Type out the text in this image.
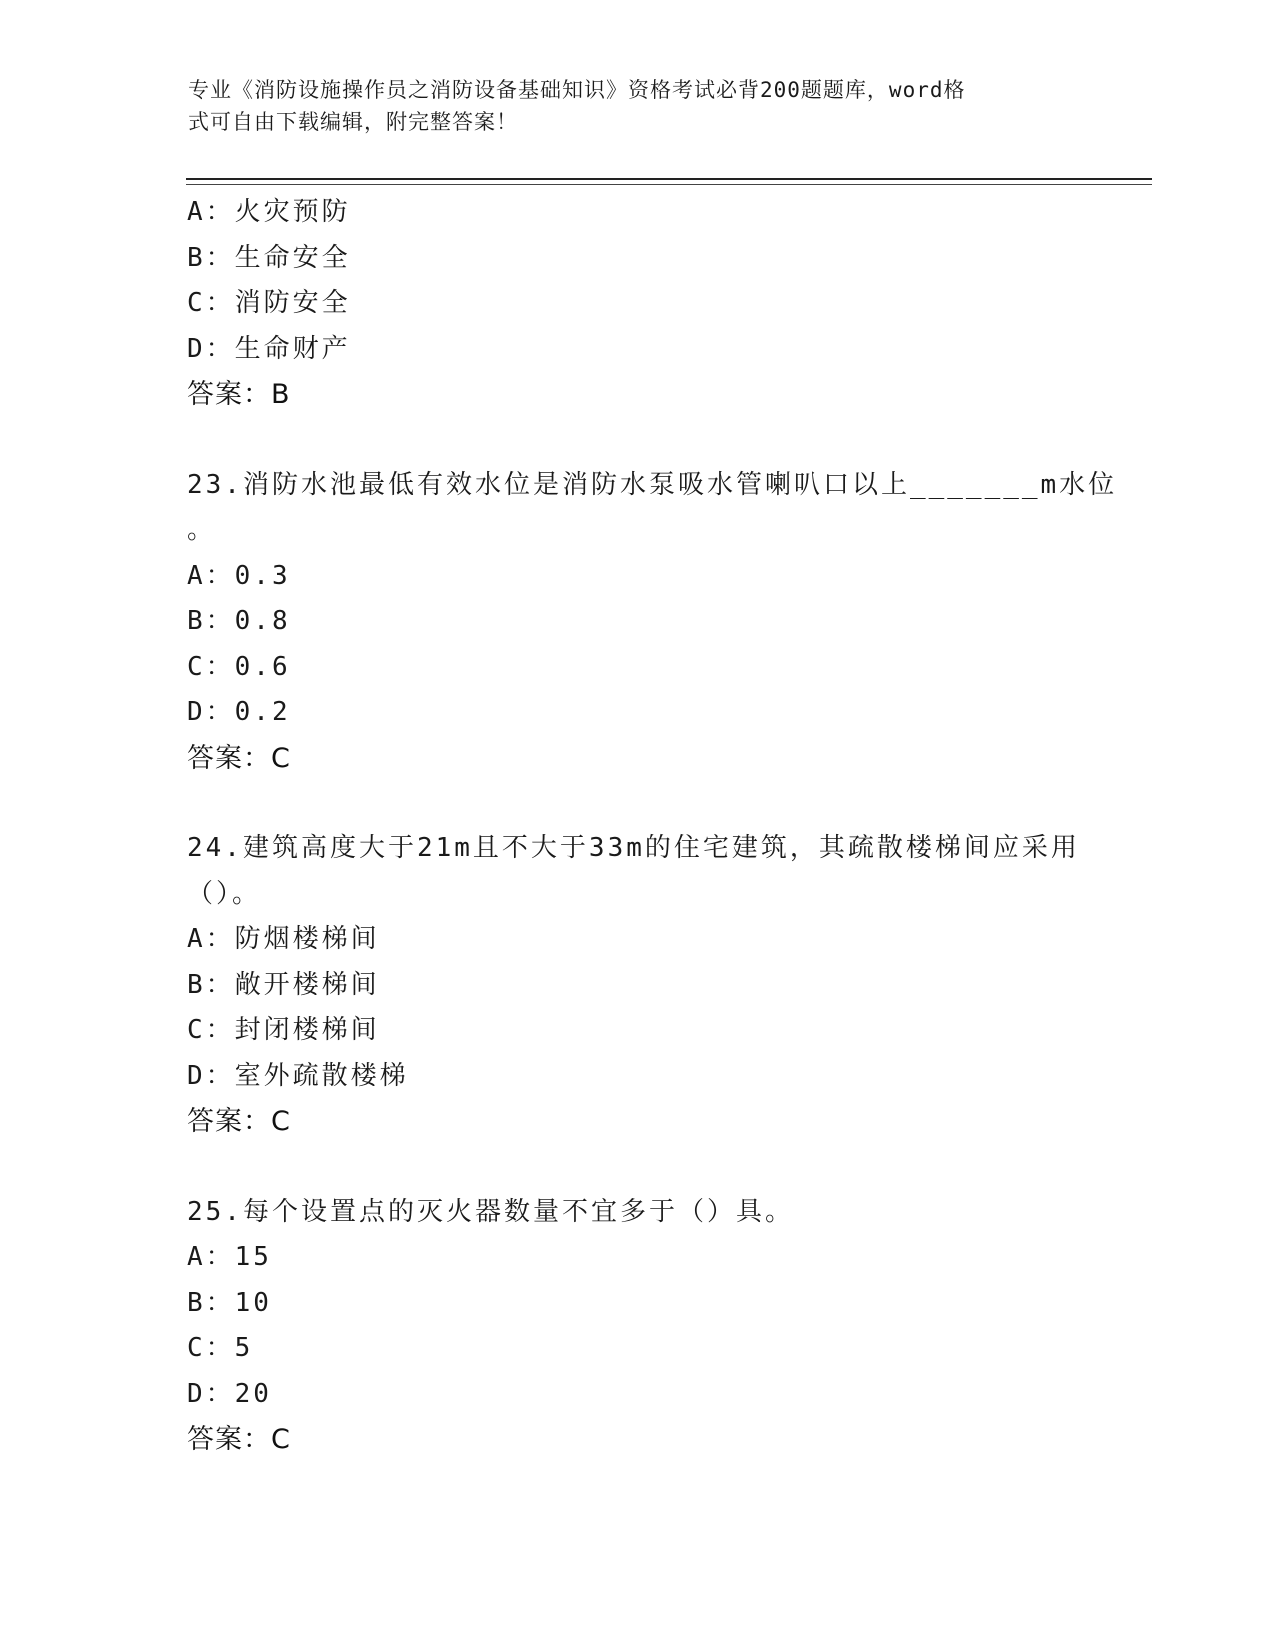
专业《消防设施操作员之消防设备基础知识》资格考试必背200题题库，word格
式可自由下载编辑，附完整答案！
A：火灾预防
B：生命安全
C：消防安全
D：生命财产
答案：B
23.消防水池最低有效水位是消防水泵吸水管喇叭口以上_______m水位
。
A：0.3
B：0.8
C：0.6
D：0.2
答案：C
24.建筑高度大于21m且不大于33m的住宅建筑，其疏散楼梯间应采用
（）。
A：防烟楼梯间
B：敞开楼梯间
C：封闭楼梯间
D：室外疏散楼梯
答案：C
25.每个设置点的灭火器数量不宜多于（）具。
A：15
B：10
C：5
D：20
答案：C
